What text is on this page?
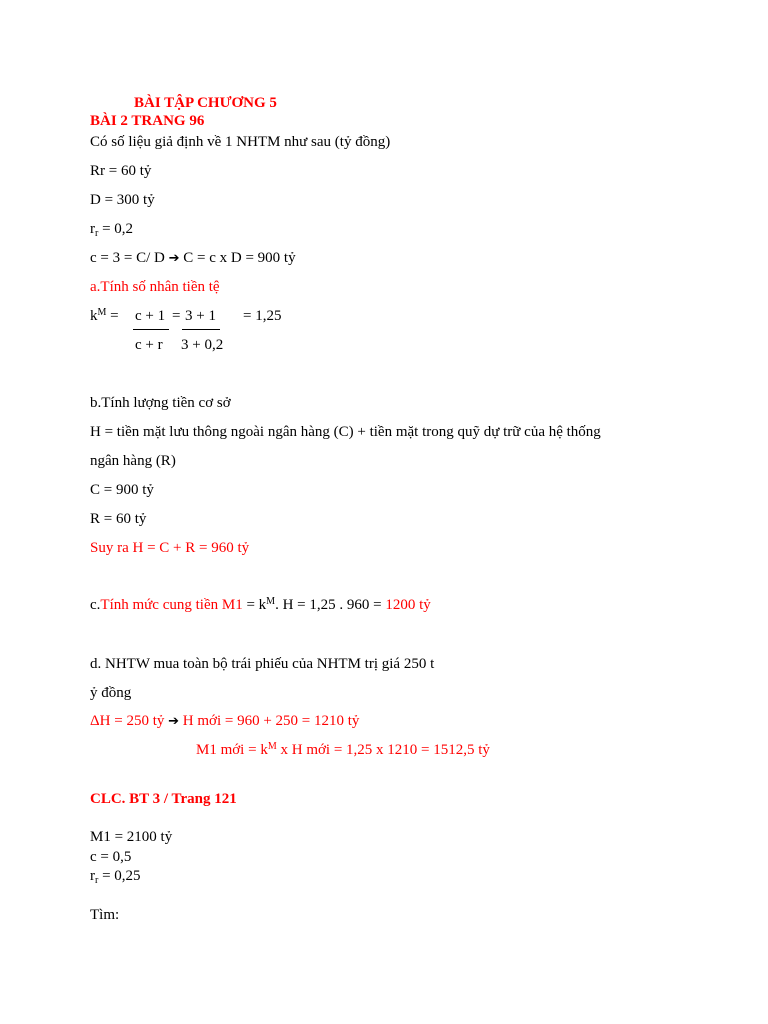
BÀI TẬP CHƯƠNG 5
BÀI 2 TRANG 96
Có số liệu giả định về 1 NHTM như sau (tỷ đồng)
Rr = 60 tỷ
D = 300 tỷ
$r_r = 0,2$
c = 3 = C/ D ➔ C = c x D = 900 tỷ
a.Tính số nhân tiền tệ
$k^M = c + 1 = 3 + 1 = 1,25$
c + r 3 + 0,2
b.Tính lượng tiền cơ sở
H = tiền mặt lưu thông ngoài ngân hàng (C) + tiền mặt trong quỹ dự trữ của hệ thống
ngân hàng (R)
C = 900 tỷ
R = 60 tỷ
Suy ra H = C + R = 960 tỷ
c.Tính mức cung tiền $M1 = k^M$. H = 1,25 . 960 = 1200 tỷ
d. NHTW mua toàn bộ trái phiếu của NHTM trị giá 250 t
ỷ đồng
ΔH = 250 tỷ ➔ H mới = 960 + 250 = 1210 tỷ
M1 mới = $k^M$ x H mới = 1,25 x 1210 = 1512,5 tỷ
CLC. BT 3 / Trang 121
M1 = 2100 tỷ
c = 0,5
$r_r = 0,25$
Tìm:
